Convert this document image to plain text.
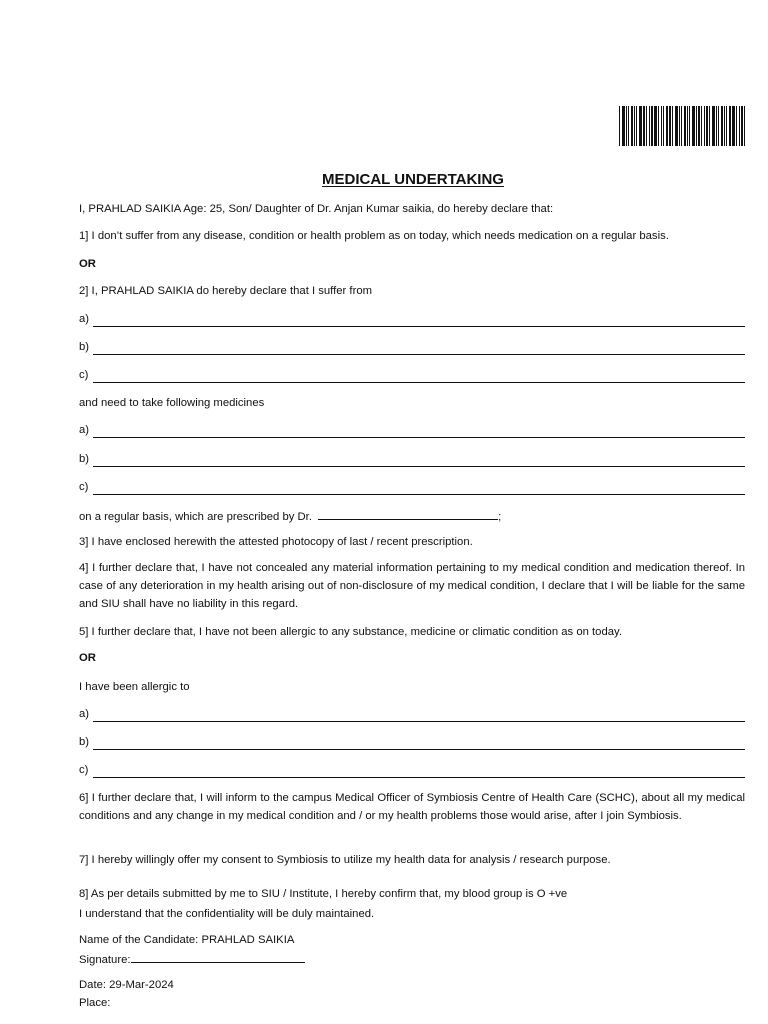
MEDICAL UNDERTAKING
I, PRAHLAD SAIKIA Age: 25, Son/ Daughter of Dr. Anjan Kumar saikia, do hereby declare that:
1] I don’t suffer from any disease, condition or health problem as on today, which needs medication on a regular basis.
OR
2] I, PRAHLAD SAIKIA do hereby declare that I suffer from
a)
b)
c)
and need to take following medicines
a)
b)
c)
on a regular basis, which are prescribed by Dr.	;
3] I have enclosed herewith the attested photocopy of last / recent prescription.
4] I further declare that, I have not concealed any material information pertaining to my medical condition and medication thereof. In case of any deterioration in my health arising out of non-disclosure of my medical condition, I declare that I will be liable for the same and SIU shall have no liability in this regard.
5] I further declare that, I have not been allergic to any substance, medicine or climatic condition as on today.
OR
I have been allergic to
a)
b)
c)
6] I further declare that, I will inform to the campus Medical Officer of Symbiosis Centre of Health Care (SCHC), about all my medical conditions and any change in my medical condition and / or my health problems those would arise, after I join Symbiosis.
7] I hereby willingly offer my consent to Symbiosis to utilize my health data for analysis / research purpose.
8] As per details submitted by me to SIU / Institute, I hereby confirm that, my blood group is O +ve
I understand that the confidentiality will be duly maintained.
Name of the Candidate: PRAHLAD SAIKIA
Signature:
Date: 29-Mar-2024
Place:
